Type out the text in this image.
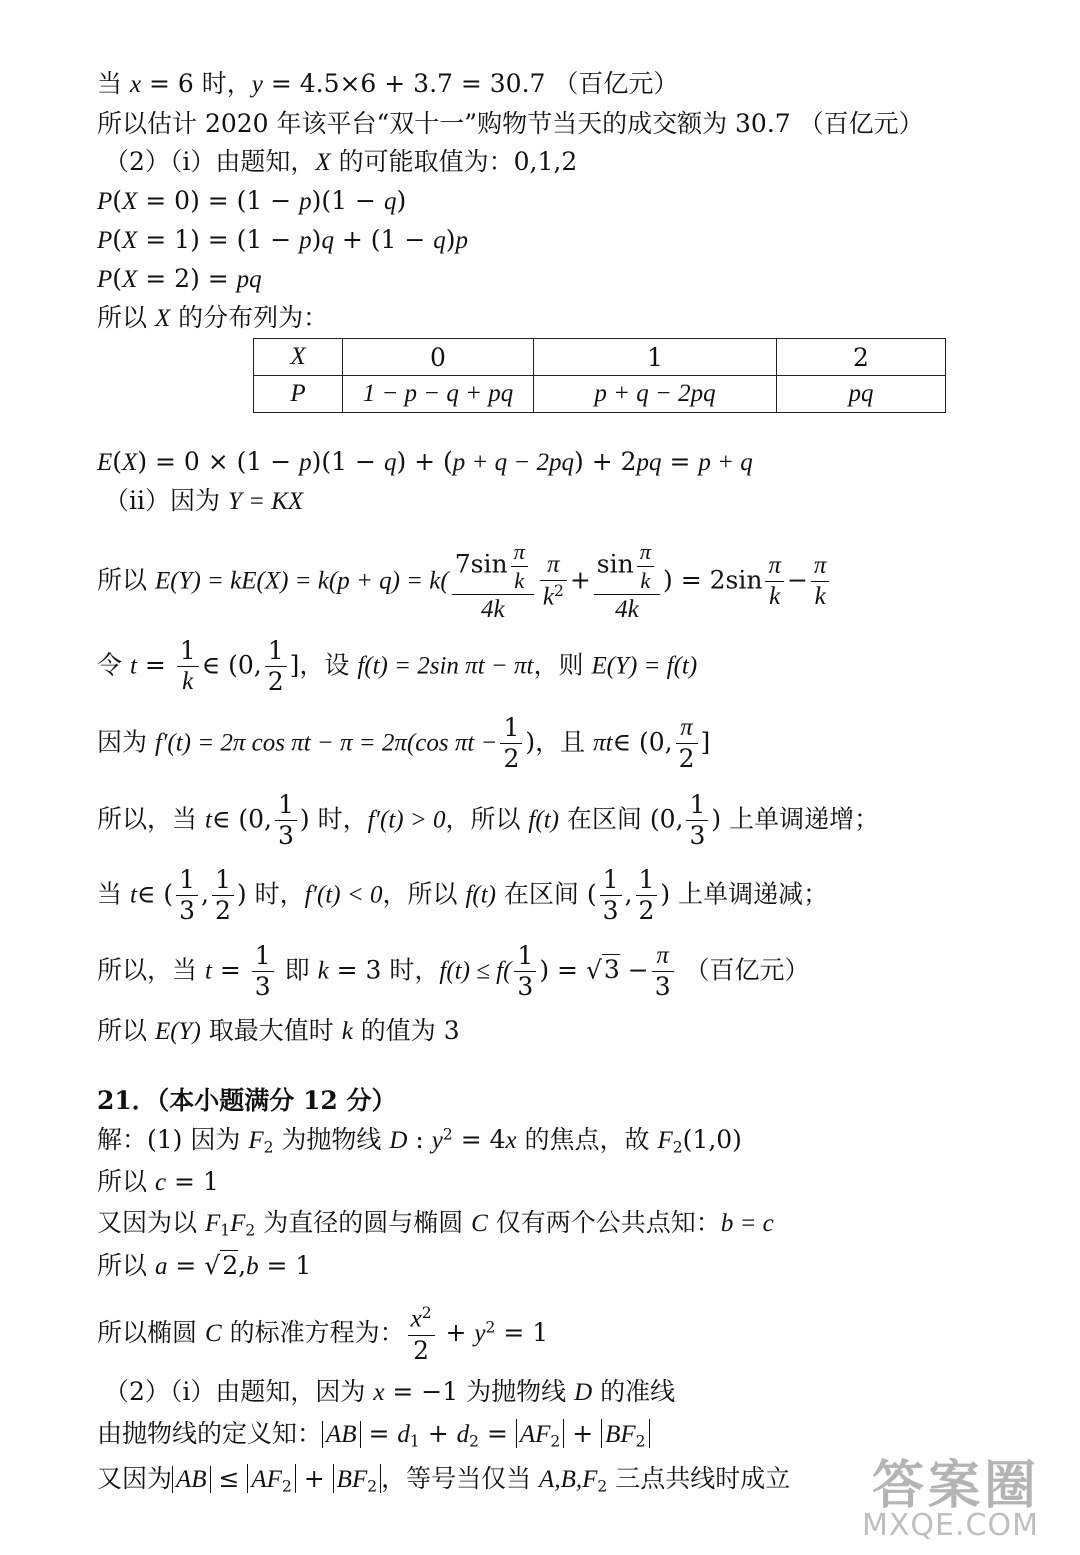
当 x = 6 时，y = 4.5×6 + 3.7 = 30.7 （百亿元）
所以估计 2020 年该平台“双十一”购物节当天的成交额为 30.7 （百亿元）
（2）（ⅰ）由题知，X 的可能取值为：0,1,2
P(X = 0) = (1 − p)(1 − q)
P(X = 1) = (1 − p)q + (1 − q)p
P(X = 2) = pq
所以 X 的分布列为：
X	0	1	2
P	1 − p − q + pq	p + q − 2pq	pq
E(X) = 0 × (1 − p)(1 − q) + (p + q − 2pq) + 2pq = p + q
（ⅱ）因为 Y = KX
所以 $E(Y) = kE(X) = k(p + q) = k( \frac{7\sin \frac{\pi}{k}}{4k} \frac{\pi}{k^2} + \frac{\sin \frac{\pi}{k}}{4k}$ ) = $2\sin \frac{\pi}{k} - \frac{\pi}{k}$
令 $t = \frac{1}{k}$ ∈ (0, $\frac{1}{2}$ ]，设 f(t) = 2sin πt − πt，则 E(Y) = f(t)
因为 f′(t) = 2π cos πt − π = 2π(cos $\pi t - \frac{1}{2}$ )，且 πt∈ (0, $\frac{\pi}{2}$ ]
所以，当 t∈ (0, $\frac{1}{3}$ ) 时，f′(t) > 0，所以 f(t) 在区间 (0, $\frac{1}{3}$ ) 上单调递增；
当 t∈ ( $\frac{1}{3}$ , $\frac{1}{2}$ ) 时，f′(t) < 0，所以 f(t) 在区间 ( $\frac{1}{3}$ , $\frac{1}{2}$ ) 上单调递减；
所以，当 $t = \frac{1}{3}$ 即 k = 3 时，$f(t) \le f( \frac{1}{3}$ ) = $√3 - \frac{\pi}{3}$ （百亿元）
所以 E(Y) 取最大值时 k 的值为 3
21．（本小题满分 12 分）
解：(1) 因为 $F_2$ 为抛物线 D : $y^2 = 4x$ 的焦点，故 $F_2(1,0)$
所以 c = 1
又因为以 $F_1F_2$ 为直径的圆与椭圆 C 仅有两个公共点知：b = c
所以 a = √2,b = 1
所以椭圆 C 的标准方程为： $\frac{x^2}{2} + y^2 = 1$
（2）（ⅰ）由题知，因为 x = −1 为抛物线 D 的准线
由抛物线的定义知： AB = $d_1 + d_2 = AF_2 + BF_2$
又因为 AB ≤ $AF_2 + BF_2$ ，等号当仅当 $A,B,F_2$ 三点共线时成立 答案圈
MXQE.COM
